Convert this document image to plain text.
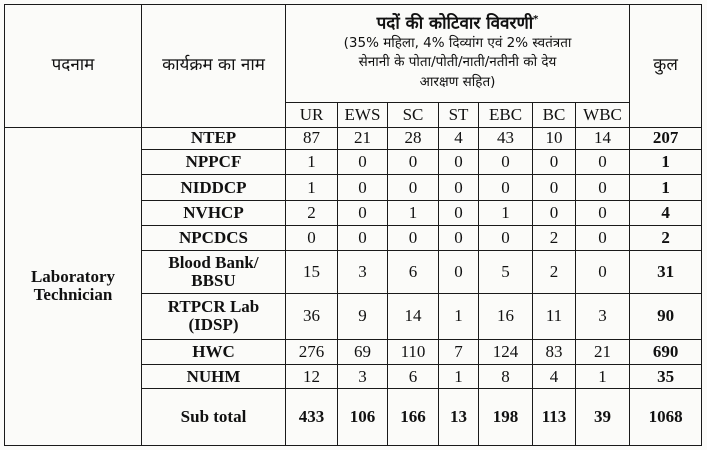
पदनाम	कार्यक्रम का नाम	पदों की कोटिवार विवरणी*
(35% महिला, 4% दिव्यांग एवं 2% स्वतंत्रता
सेनानी के पोता/पोती/नाती/नतीनी को देय
आरक्षण सहित)							कुल
		UR	EWS	SC	ST	EBC	BC	WBC	

Laboratory
Technician	NTEP	87	21	28	4	43	10	14	207

	NPPCF	1	0	0	0	0	0	0	1

	NIDDCP	1	0	0	0	0	0	0	1

	NVHCP	2	0	1	0	1	0	0	4

	NPCDCS	0	0	0	0	0	2	0	2

	Blood Bank/
BBSU	15	3	6	0	5	2	0	31

	RTPCR Lab
(IDSP)	36	9	14	1	16	11	3	90

	HWC	276	69	110	7	124	83	21	690

	NUHM	12	3	6	1	8	4	1	35
	Sub total	433	106	166	13	198	113	39	1068
